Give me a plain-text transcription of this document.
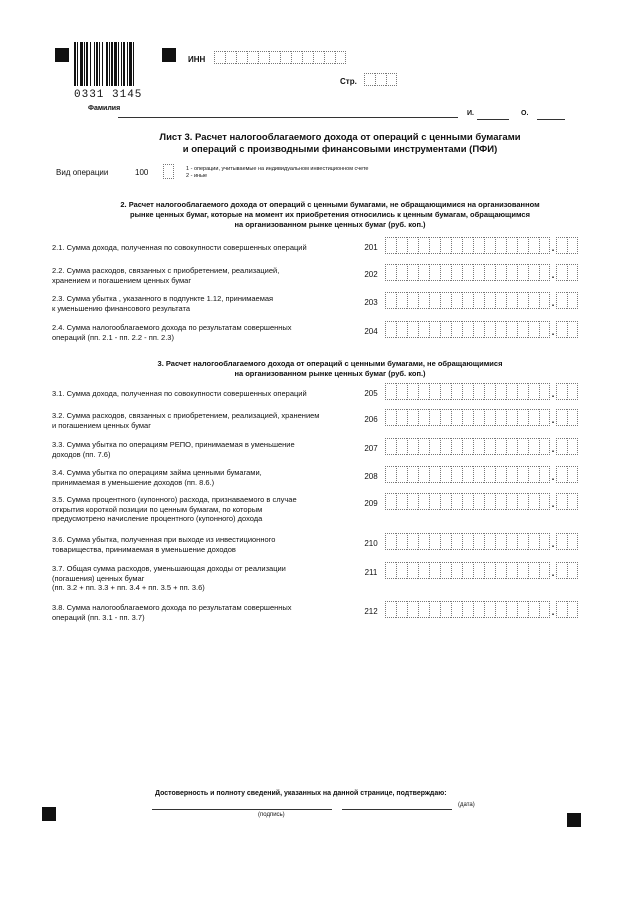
0331 3145
ИНН
Стр.
Фамилия
И.	О.
Лист 3. Расчет налогооблагаемого дохода от операций с ценными бумагами
и операций с производными финансовыми инструментами (ПФИ)
Вид операции	100	1 - операции, учитываемые на индивидуальном инвестиционном счете
2 - иные
2. Расчет налогооблагаемого дохода от операций с ценными бумагами, не обращающимися на организованном
рынке ценных бумаг, которые на момент их приобретения относились к ценным бумагам, обращающимся
на организованном рынке ценных бумаг (руб. коп.)
2.1. Сумма дохода, полученная по совокупности совершенных операций	201	.
2.2. Сумма расходов, связанных с приобретением, реализацией,
хранением и погашением ценных бумаг
202	.
2.3. Сумма убытка , указанного в подпункте 1.12, принимаемая
к уменьшению финансового результата
203	.
2.4. Сумма налогооблагаемого дохода по результатам совершенных
операций (пп. 2.1 - пп. 2.2 - пп. 2.3)
204	.
3. Расчет налогооблагаемого дохода от операций с ценными бумагами, не обращающимися
на организованном рынке ценных бумаг (руб. коп.)
3.1. Сумма дохода, полученная по совокупности совершенных операций	205	.
3.2. Сумма расходов, связанных с приобретением, реализацией, хранением
и погашением ценных бумаг
206	.
3.3. Сумма убытка по операциям РЕПО, принимаемая в уменьшение
доходов (пп. 7.6)
207	.
3.4. Сумма убытка по операциям займа ценными бумагами,
принимаемая в уменьшение доходов (пп. 8.6.)
208	.
3.5. Сумма процентного (купонного) расхода, признаваемого в случае
открытия короткой позиции по ценным бумагам, по которым
предусмотрено начисление процентного (купонного) дохода
209	.
3.6. Сумма убытка, полученная при выходе из инвестиционного
товарищества, принимаемая в уменьшение доходов
210	.
3.7. Общая сумма расходов, уменьшающая доходы от реализации
(погашения) ценных бумаг
(пп. 3.2 + пп. 3.3 + пп. 3.4 + пп. 3.5 + пп. 3.6)
211	.
3.8. Сумма налогооблагаемого дохода по результатам совершенных
операций (пп. 3.1 - пп. 3.7)
212	.
Достоверность и полноту сведений, указанных на данной странице, подтверждаю:
(подпись)
(дата)
